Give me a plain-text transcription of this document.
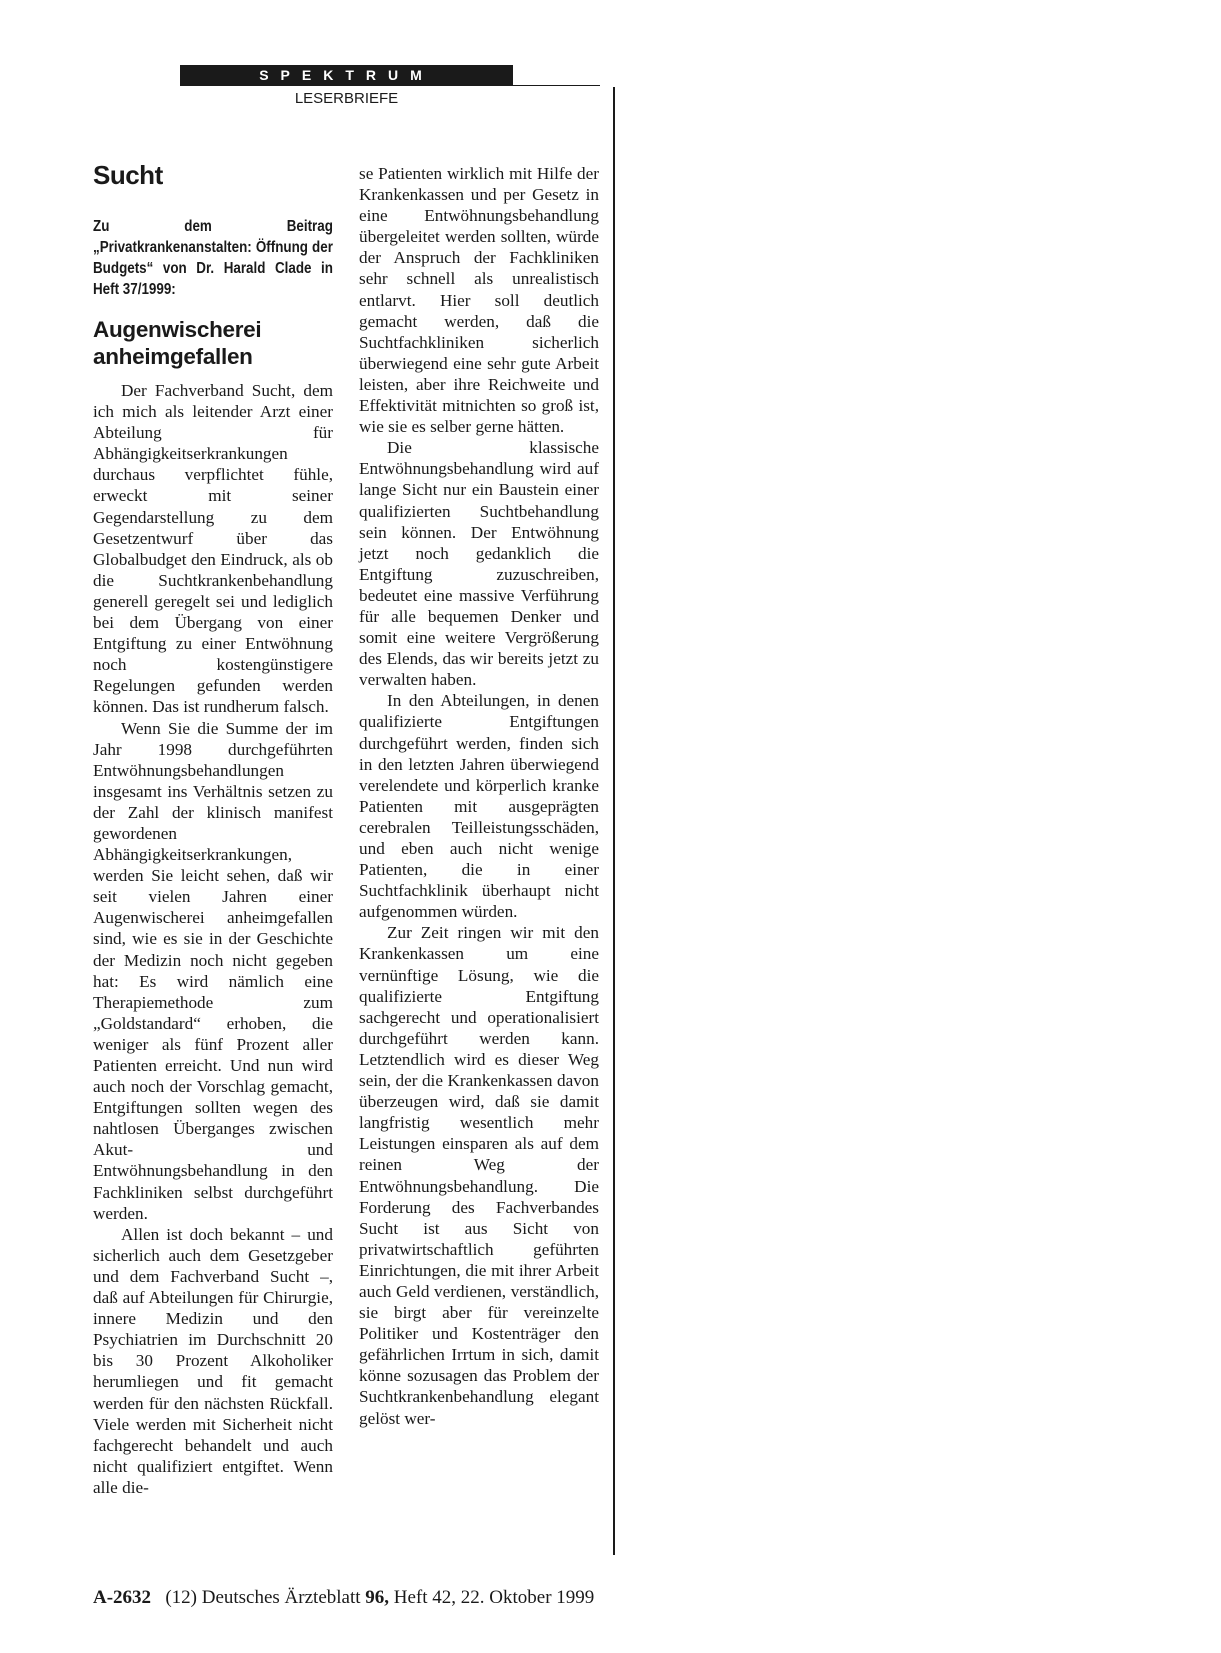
SPEKTRUM
LESERBRIEFE
Sucht
Zu dem Beitrag „Privatkrankenanstalten: Öffnung der Budgets“ von Dr. Harald Clade in Heft 37/1999:
Augenwischerei anheimgefallen

Der Fachverband Sucht, dem ich mich als leitender Arzt einer Abteilung für Abhängigkeitserkrankungen durchaus verpflichtet fühle, erweckt mit seiner Gegendarstellung zu dem Gesetzentwurf über das Globalbudget den Eindruck, als ob die Suchtkrankenbehandlung generell geregelt sei und lediglich bei dem Übergang von einer Entgiftung zu einer Entwöhnung noch kostengünstigere Regelungen gefunden werden können. Das ist rundherum falsch.

Wenn Sie die Summe der im Jahr 1998 durchgeführten Entwöhnungsbehandlungen insgesamt ins Verhältnis setzen zu der Zahl der klinisch manifest gewordenen Abhängigkeitserkrankungen, werden Sie leicht sehen, daß wir seit vielen Jahren einer Augenwischerei anheimgefallen sind, wie es sie in der Geschichte der Medizin noch nicht gegeben hat: Es wird nämlich eine Therapiemethode zum „Goldstandard“ erhoben, die weniger als fünf Prozent aller Patienten erreicht. Und nun wird auch noch der Vorschlag gemacht, Entgiftungen sollten wegen des nahtlosen Überganges zwischen Akut- und Entwöhnungsbehandlung in den Fachkliniken selbst durchgeführt werden.

Allen ist doch bekannt – und sicherlich auch dem Gesetzgeber und dem Fachverband Sucht –, daß auf Abteilungen für Chirurgie, innere Medizin und den Psychiatrien im Durchschnitt 20 bis 30 Prozent Alkoholiker herumliegen und fit gemacht werden für den nächsten Rückfall. Viele werden mit Sicherheit nicht fachgerecht behandelt und auch nicht qualifiziert entgiftet. Wenn alle die-

se Patienten wirklich mit Hilfe der Krankenkassen und per Gesetz in eine Entwöhnungsbehandlung übergeleitet werden sollten, würde der Anspruch der Fachkliniken sehr schnell als unrealistisch entlarvt. Hier soll deutlich gemacht werden, daß die Suchtfachkliniken sicherlich überwiegend eine sehr gute Arbeit leisten, aber ihre Reichweite und Effektivität mitnichten so groß ist, wie sie es selber gerne hätten.

Die klassische Entwöhnungsbehandlung wird auf lange Sicht nur ein Baustein einer qualifizierten Suchtbehandlung sein können. Der Entwöhnung jetzt noch gedanklich die Entgiftung zuzuschreiben, bedeutet eine massive Verführung für alle bequemen Denker und somit eine weitere Vergrößerung des Elends, das wir bereits jetzt zu verwalten haben.

In den Abteilungen, in denen qualifizierte Entgiftungen durchgeführt werden, finden sich in den letzten Jahren überwiegend verelendete und körperlich kranke Patienten mit ausgeprägten cerebralen Teilleistungsschäden, und eben auch nicht wenige Patienten, die in einer Suchtfachklinik überhaupt nicht aufgenommen würden.

Zur Zeit ringen wir mit den Krankenkassen um eine vernünftige Lösung, wie die qualifizierte Entgiftung sachgerecht und operationalisiert durchgeführt werden kann. Letztendlich wird es dieser Weg sein, der die Krankenkassen davon überzeugen wird, daß sie damit langfristig wesentlich mehr Leistungen einsparen als auf dem reinen Weg der Entwöhnungsbehandlung. Die Forderung des Fachverbandes Sucht ist aus Sicht von privatwirtschaftlich geführten Einrichtungen, die mit ihrer Arbeit auch Geld verdienen, verständlich, sie birgt aber für vereinzelte Politiker und Kostenträger den gefährlichen Irrtum in sich, damit könne sozusagen das Problem der Suchtkrankenbehandlung elegant gelöst wer-

A-2632 (12) Deutsches Ärzteblatt 96, Heft 42, 22. Oktober 1999
